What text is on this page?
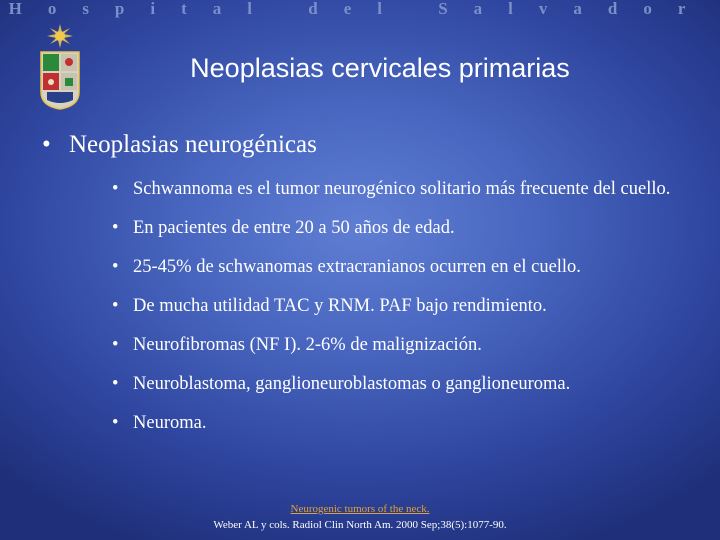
Hospital del Salvador
Neoplasias cervicales primarias
• Neoplasias neurogénicas
• Schwannoma es el tumor neurogénico solitario más frecuente del cuello.
• En pacientes de entre 20 a 50 años de edad.
• 25-45% de schwanomas extracranianos ocurren en el cuello.
• De mucha utilidad TAC y RNM. PAF bajo rendimiento.
• Neurofibromas (NF I). 2-6% de malignización.
• Neuroblastoma, ganglioneuroblastomas o ganglioneuroma.
• Neuroma.
Neurogenic tumors of the neck.
Weber AL y cols. Radiol Clin North Am. 2000 Sep;38(5):1077-90.
